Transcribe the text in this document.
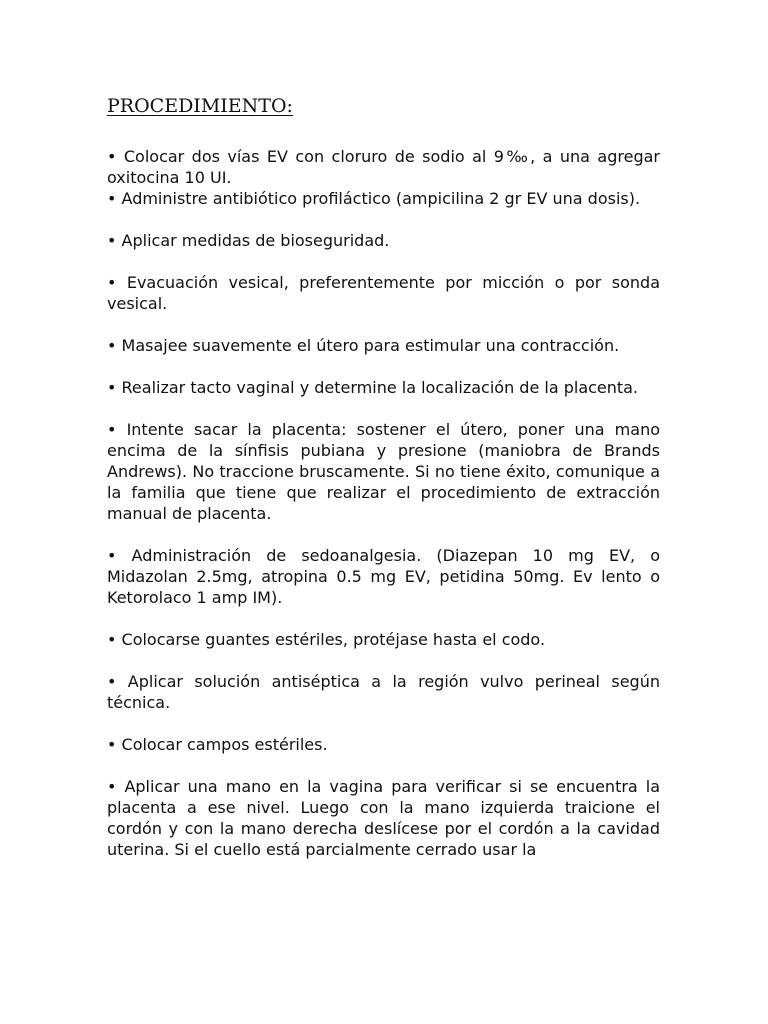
PROCEDIMIENTO:

• Colocar dos vías EV con cloruro de sodio al 9‰, a una agregar oxitocina 10 UI.

• Administre antibiótico profiláctico (ampicilina 2 gr EV una dosis).

• Aplicar medidas de bioseguridad.

• Evacuación vesical, preferentemente por micción o por sonda vesical.

• Masajee suavemente el útero para estimular una contracción.

• Realizar tacto vaginal y determine la localización de la placenta.

• Intente sacar la placenta: sostener el útero, poner una mano encima de la sínfisis pubiana y presione (maniobra de Brands Andrews). No traccione bruscamente. Si no tiene éxito, comunique a la familia que tiene que realizar el procedimiento de extracción manual de placenta.

• Administración de sedoanalgesia. (Diazepan 10 mg EV, o Midazolan 2.5mg, atropina 0.5 mg EV, petidina 50mg. Ev lento o Ketorolaco 1 amp IM).

• Colocarse guantes estériles, protéjase hasta el codo.

• Aplicar solución antiséptica a la región vulvo perineal según técnica.

• Colocar campos estériles.

• Aplicar una mano en la vagina para verificar si se encuentra la placenta a ese nivel. Luego con la mano izquierda traicione el cordón y con la mano derecha deslícese por el cordón a la cavidad uterina. Si el cuello está parcialmente cerrado usar la
